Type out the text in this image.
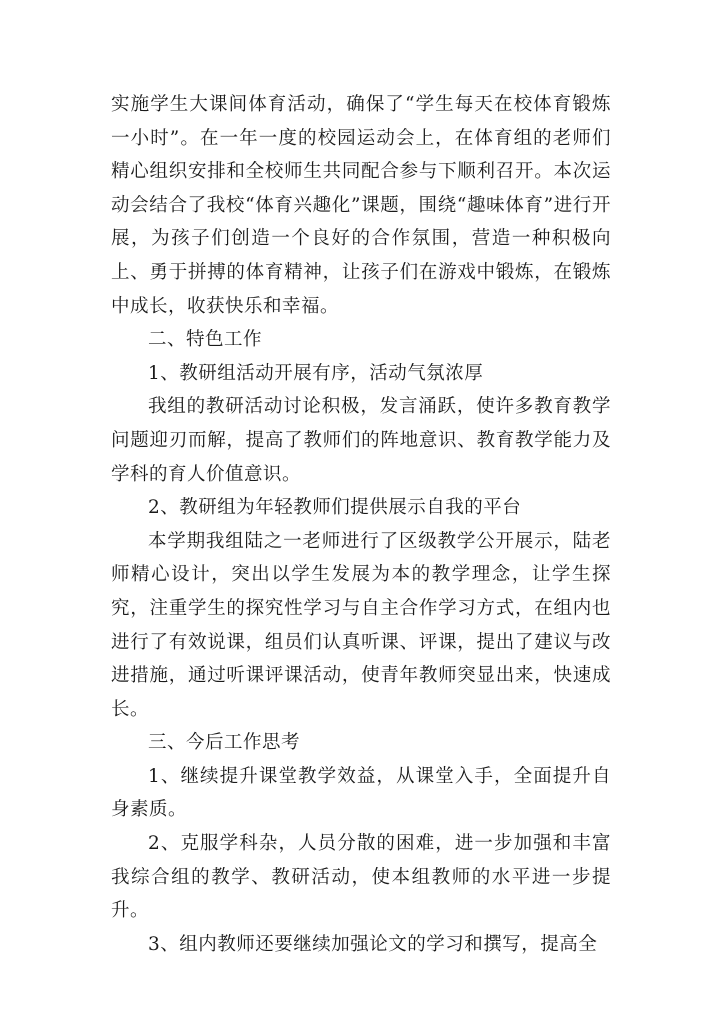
实施学生大课间体育活动，确保了“学生每天在校体育锻炼一小时”。在一年一度的校园运动会上，在体育组的老师们精心组织安排和全校师生共同配合参与下顺利召开。本次运动会结合了我校“体育兴趣化”课题，围绕“趣味体育”进行开展，为孩子们创造一个良好的合作氛围，营造一种积极向上、勇于拼搏的体育精神，让孩子们在游戏中锻炼，在锻炼中成长，收获快乐和幸福。

二、特色工作

1、教研组活动开展有序，活动气氛浓厚

我组的教研活动讨论积极，发言涌跃，使许多教育教学问题迎刃而解，提高了教师们的阵地意识、教育教学能力及学科的育人价值意识。

2、教研组为年轻教师们提供展示自我的平台

本学期我组陆之一老师进行了区级教学公开展示，陆老师精心设计，突出以学生发展为本的教学理念，让学生探究，注重学生的探究性学习与自主合作学习方式，在组内也进行了有效说课，组员们认真听课、评课，提出了建议与改进措施，通过听课评课活动，使青年教师突显出来，快速成长。

三、今后工作思考

1、继续提升课堂教学效益，从课堂入手，全面提升自身素质。

2、克服学科杂，人员分散的困难，进一步加强和丰富我综合组的教学、教研活动，使本组教师的水平进一步提升。

3、组内教师还要继续加强论文的学习和撰写，提高全
